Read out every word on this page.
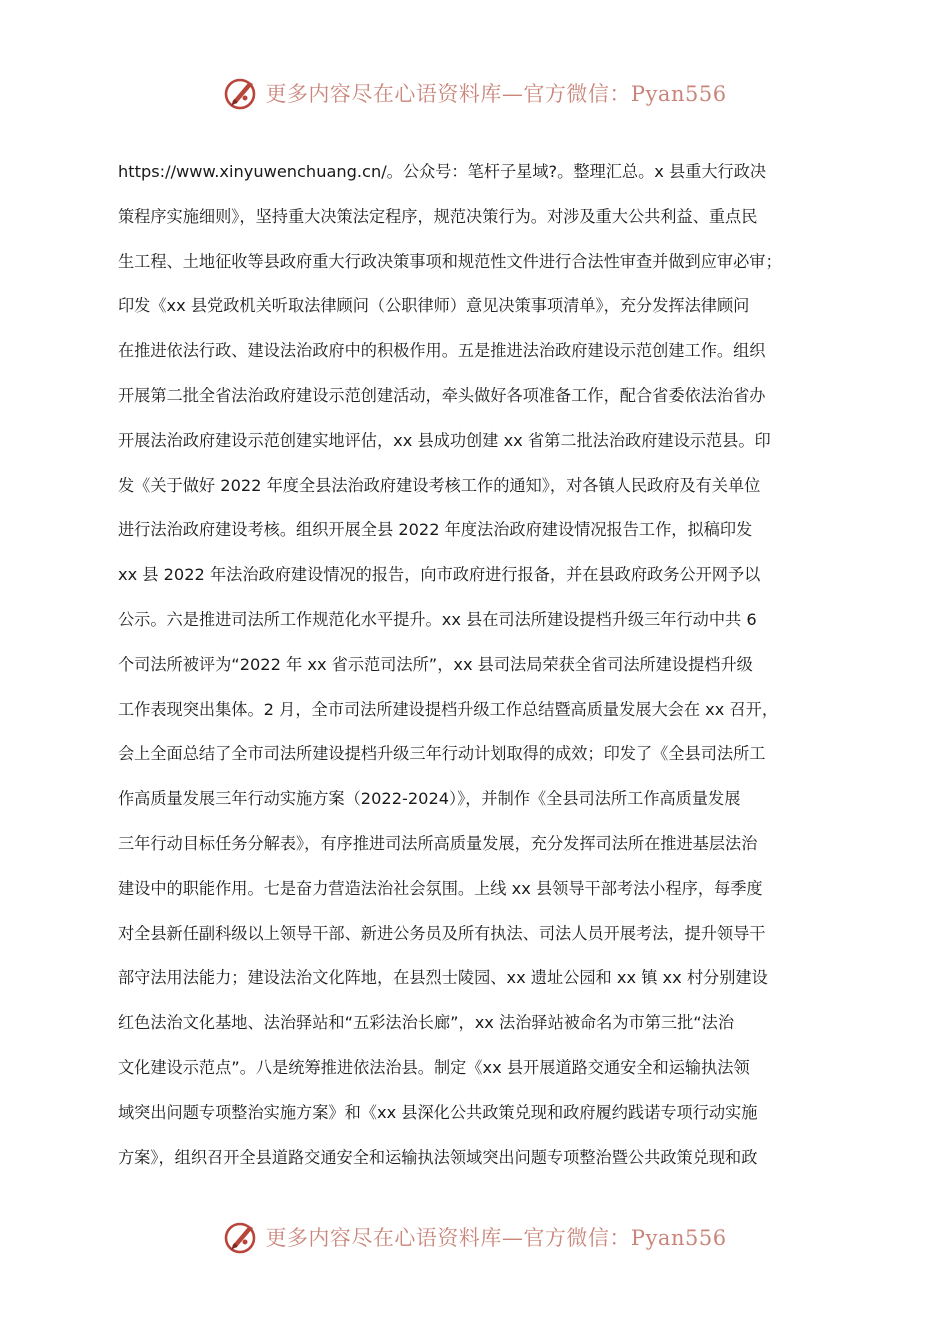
更多内容尽在心语资料库—官方微信：Pyan556
https://www.xinyuwenchuang.cn/。公众号：笔杆子星域?。整理汇总。x 县重大行政决
策程序实施细则》，坚持重大决策法定程序，规范决策行为。对涉及重大公共利益、重点民
生工程、土地征收等县政府重大行政决策事项和规范性文件进行合法性审查并做到应审必审；
印发《xx 县党政机关听取法律顾问（公职律师）意见决策事项清单》，充分发挥法律顾问
在推进依法行政、建设法治政府中的积极作用。五是推进法治政府建设示范创建工作。组织
开展第二批全省法治政府建设示范创建活动，牵头做好各项准备工作，配合省委依法治省办
开展法治政府建设示范创建实地评估，xx 县成功创建 xx 省第二批法治政府建设示范县。印
发《关于做好 2022 年度全县法治政府建设考核工作的通知》，对各镇人民政府及有关单位
进行法治政府建设考核。组织开展全县 2022 年度法治政府建设情况报告工作，拟稿印发
xx 县 2022 年法治政府建设情况的报告，向市政府进行报备，并在县政府政务公开网予以
公示。六是推进司法所工作规范化水平提升。xx 县在司法所建设提档升级三年行动中共 6
个司法所被评为“2022 年 xx 省示范司法所”，xx 县司法局荣获全省司法所建设提档升级
工作表现突出集体。2 月，全市司法所建设提档升级工作总结暨高质量发展大会在 xx 召开，
会上全面总结了全市司法所建设提档升级三年行动计划取得的成效；印发了《全县司法所工
作高质量发展三年行动实施方案（2022-2024）》，并制作《全县司法所工作高质量发展
三年行动目标任务分解表》，有序推进司法所高质量发展，充分发挥司法所在推进基层法治
建设中的职能作用。七是奋力营造法治社会氛围。上线 xx 县领导干部考法小程序，每季度
对全县新任副科级以上领导干部、新进公务员及所有执法、司法人员开展考法，提升领导干
部守法用法能力；建设法治文化阵地，在县烈士陵园、xx 遗址公园和 xx 镇 xx 村分别建设
红色法治文化基地、法治驿站和“五彩法治长廊”，xx 法治驿站被命名为市第三批“法治
文化建设示范点”。八是统筹推进依法治县。制定《xx 县开展道路交通安全和运输执法领
域突出问题专项整治实施方案》和《xx 县深化公共政策兑现和政府履约践诺专项行动实施
方案》，组织召开全县道路交通安全和运输执法领域突出问题专项整治暨公共政策兑现和政
更多内容尽在心语资料库—官方微信：Pyan556
